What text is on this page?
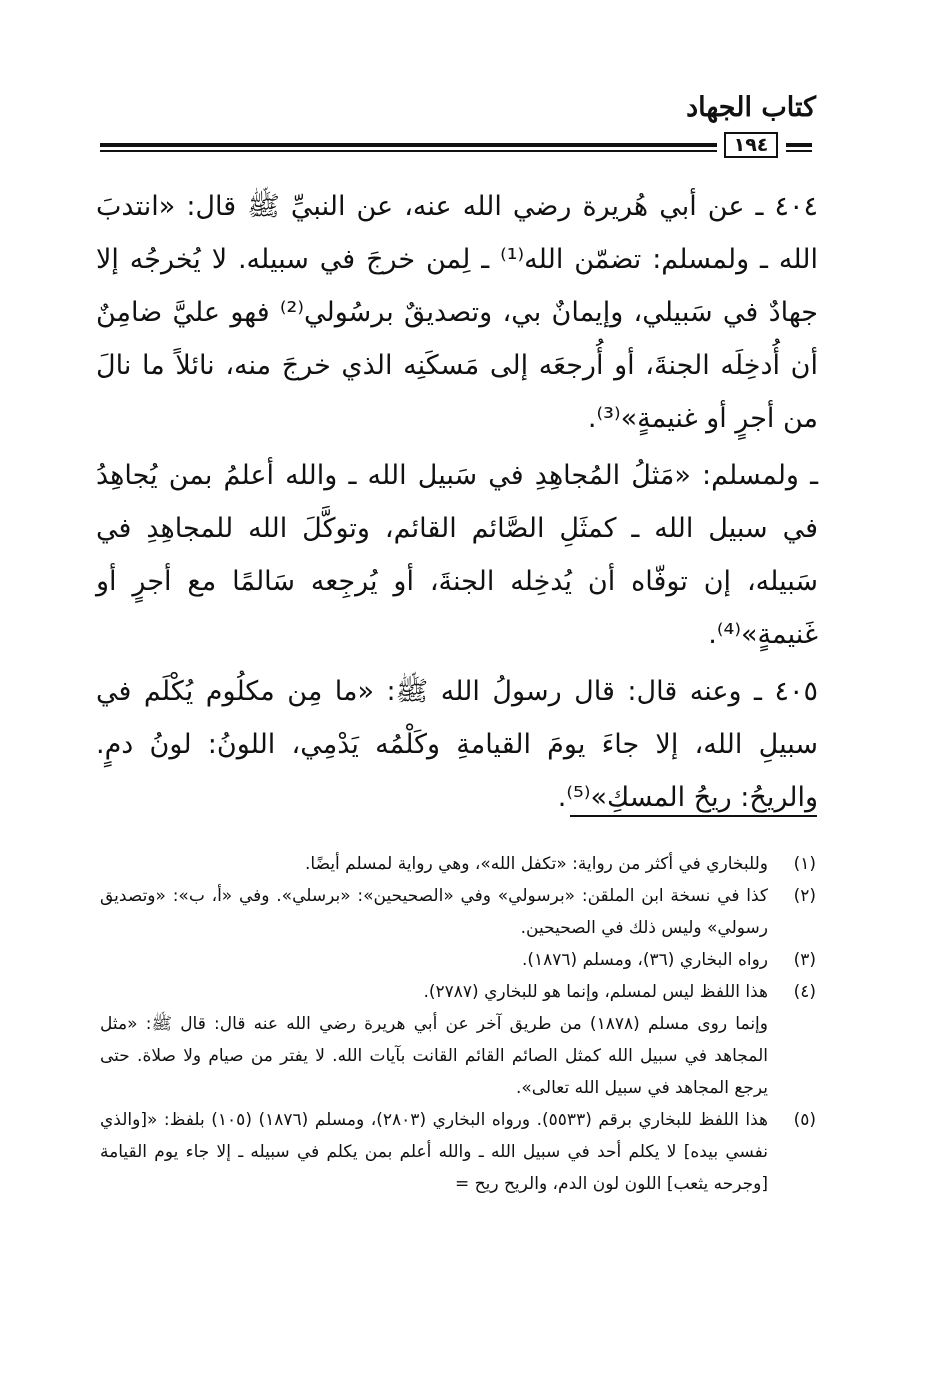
كتاب الجهاد
١٩٤

٤٠٤ ـ عن أبي هُريرة رضي الله عنه، عن النبيِّ ﷺ قال: «انتدبَ الله ـ ولمسلم: تضمّن الله⁽¹⁾ ـ لِمن خرجَ في سبيله. لا يُخرجُه إلا جهادٌ في سَبيلي، وإيمانٌ بي، وتصديقٌ برسُولي⁽²⁾ فهو عليَّ ضامِنٌ أن أُدخِلَه الجنةَ، أو أُرجعَه إلى مَسكَنِه الذي خرجَ منه، نائلاً ما نالَ من أجرٍ أو غنيمةٍ»⁽³⁾.

ـ ولمسلم: «مَثلُ المُجاهِدِ في سَبيل الله ـ والله أعلمُ بمن يُجاهِدُ في سبيل الله ـ كمثَلِ الصَّائم القائم، وتوكَّلَ الله للمجاهِدِ في سَبيله، إن توفّاه أن يُدخِله الجنةَ، أو يُرجِعه سَالمًا مع أجرٍ أو غَنيمةٍ»⁽⁴⁾.

٤٠٥ ـ وعنه قال: قال رسولُ الله ﷺ: «ما مِن مكلُوم يُكْلَم في سبيلِ الله، إلا جاءَ يومَ القيامةِ وكَلْمُه يَدْمِي، اللونُ: لونُ دمٍ. والريحُ: ريحُ المسكِ»⁽⁵⁾.

(١)
وللبخاري في أكثر من رواية: «تكفل الله»، وهي رواية لمسلم أيضًا.
(٢)
كذا في نسخة ابن الملقن: «برسولي» وفي «الصحيحين»: «برسلي». وفي «أ، ب»: «وتصديق رسولي» وليس ذلك في الصحيحين.
(٣)
رواه البخاري (٣٦)، ومسلم (١٨٧٦).
(٤)
هذا اللفظ ليس لمسلم، وإنما هو للبخاري (٢٧٨٧).
وإنما روى مسلم (١٨٧٨) من طريق آخر عن أبي هريرة رضي الله عنه قال: قال ﷺ: «مثل المجاهد في سبيل الله كمثل الصائم القائم القانت بآيات الله. لا يفتر من صيام ولا صلاة. حتى يرجع المجاهد في سبيل الله تعالى».
(٥)
هذا اللفظ للبخاري برقم (٥٥٣٣). ورواه البخاري (٢٨٠٣)، ومسلم (١٨٧٦) (١٠٥) بلفظ: «[والذي نفسي بيده] لا يكلم أحد في سبيل الله ـ والله أعلم بمن يكلم في سبيله ـ إلا جاء يوم القيامة [وجرحه يثعب] اللون لون الدم، والريح ريح =
